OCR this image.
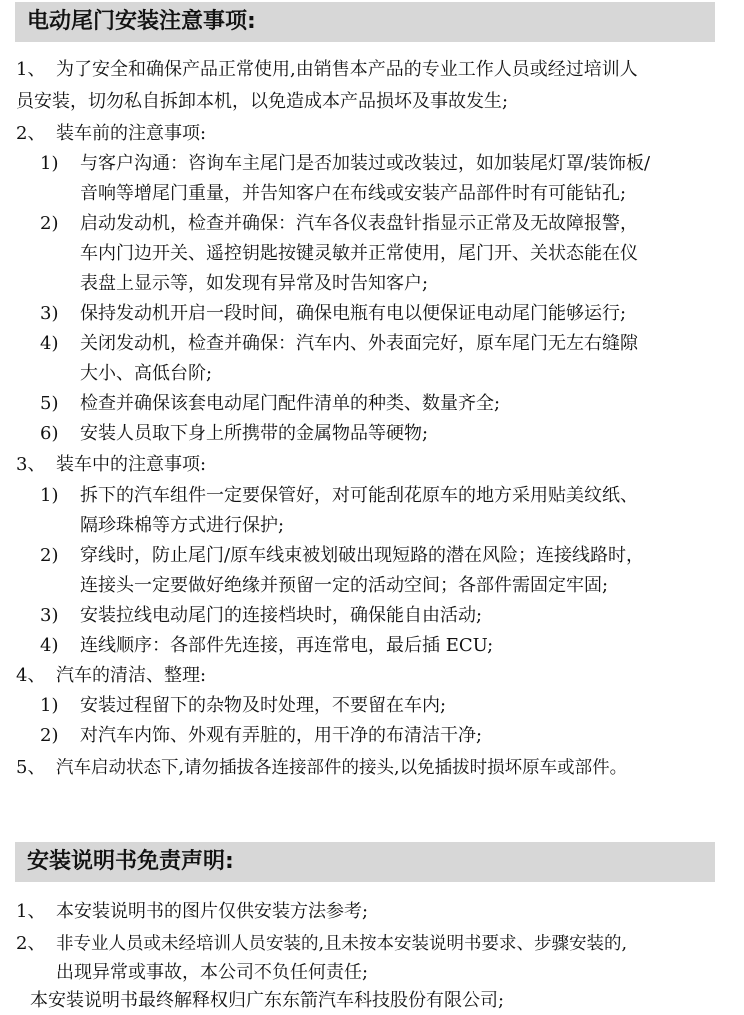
电动尾门安装注意事项:
1、 为了安全和确保产品正常使用,由销售本产品的专业工作人员或经过培训人
员安装，切勿私自拆卸本机，以免造成本产品损坏及事故发生;
2、 装车前的注意事项:
1) 与客户沟通：咨询车主尾门是否加装过或改装过，如加装尾灯罩/装饰板/
音响等增尾门重量，并告知客户在布线或安装产品部件时有可能钻孔;
2) 启动发动机，检查并确保：汽车各仪表盘针指显示正常及无故障报警，
车内门边开关、遥控钥匙按键灵敏并正常使用，尾门开、关状态能在仪
表盘上显示等，如发现有异常及时告知客户;
3) 保持发动机开启一段时间，确保电瓶有电以便保证电动尾门能够运行;
4) 关闭发动机，检查并确保：汽车内、外表面完好，原车尾门无左右缝隙
大小、高低台阶;
5) 检查并确保该套电动尾门配件清单的种类、数量齐全;
6) 安装人员取下身上所携带的金属物品等硬物;
3、 装车中的注意事项:
1) 拆下的汽车组件一定要保管好，对可能刮花原车的地方采用贴美纹纸、
隔珍珠棉等方式进行保护;
2) 穿线时，防止尾门/原车线束被划破出现短路的潜在风险；连接线路时，
连接头一定要做好绝缘并预留一定的活动空间；各部件需固定牢固;
3) 安装拉线电动尾门的连接档块时，确保能自由活动;
4) 连线顺序：各部件先连接，再连常电，最后插 ECU;
4、 汽车的清洁、整理:
1) 安装过程留下的杂物及时处理，不要留在车内;
2) 对汽车内饰、外观有弄脏的，用干净的布清洁干净;
5、 汽车启动状态下,请勿插拔各连接部件的接头,以免插拔时损坏原车或部件。
安装说明书免责声明:
1、 本安装说明书的图片仅供安装方法参考;
2、 非专业人员或未经培训人员安装的,且未按本安装说明书要求、步骤安装的,
出现异常或事故，本公司不负任何责任;
本安装说明书最终解释权归广东东箭汽车科技股份有限公司;
